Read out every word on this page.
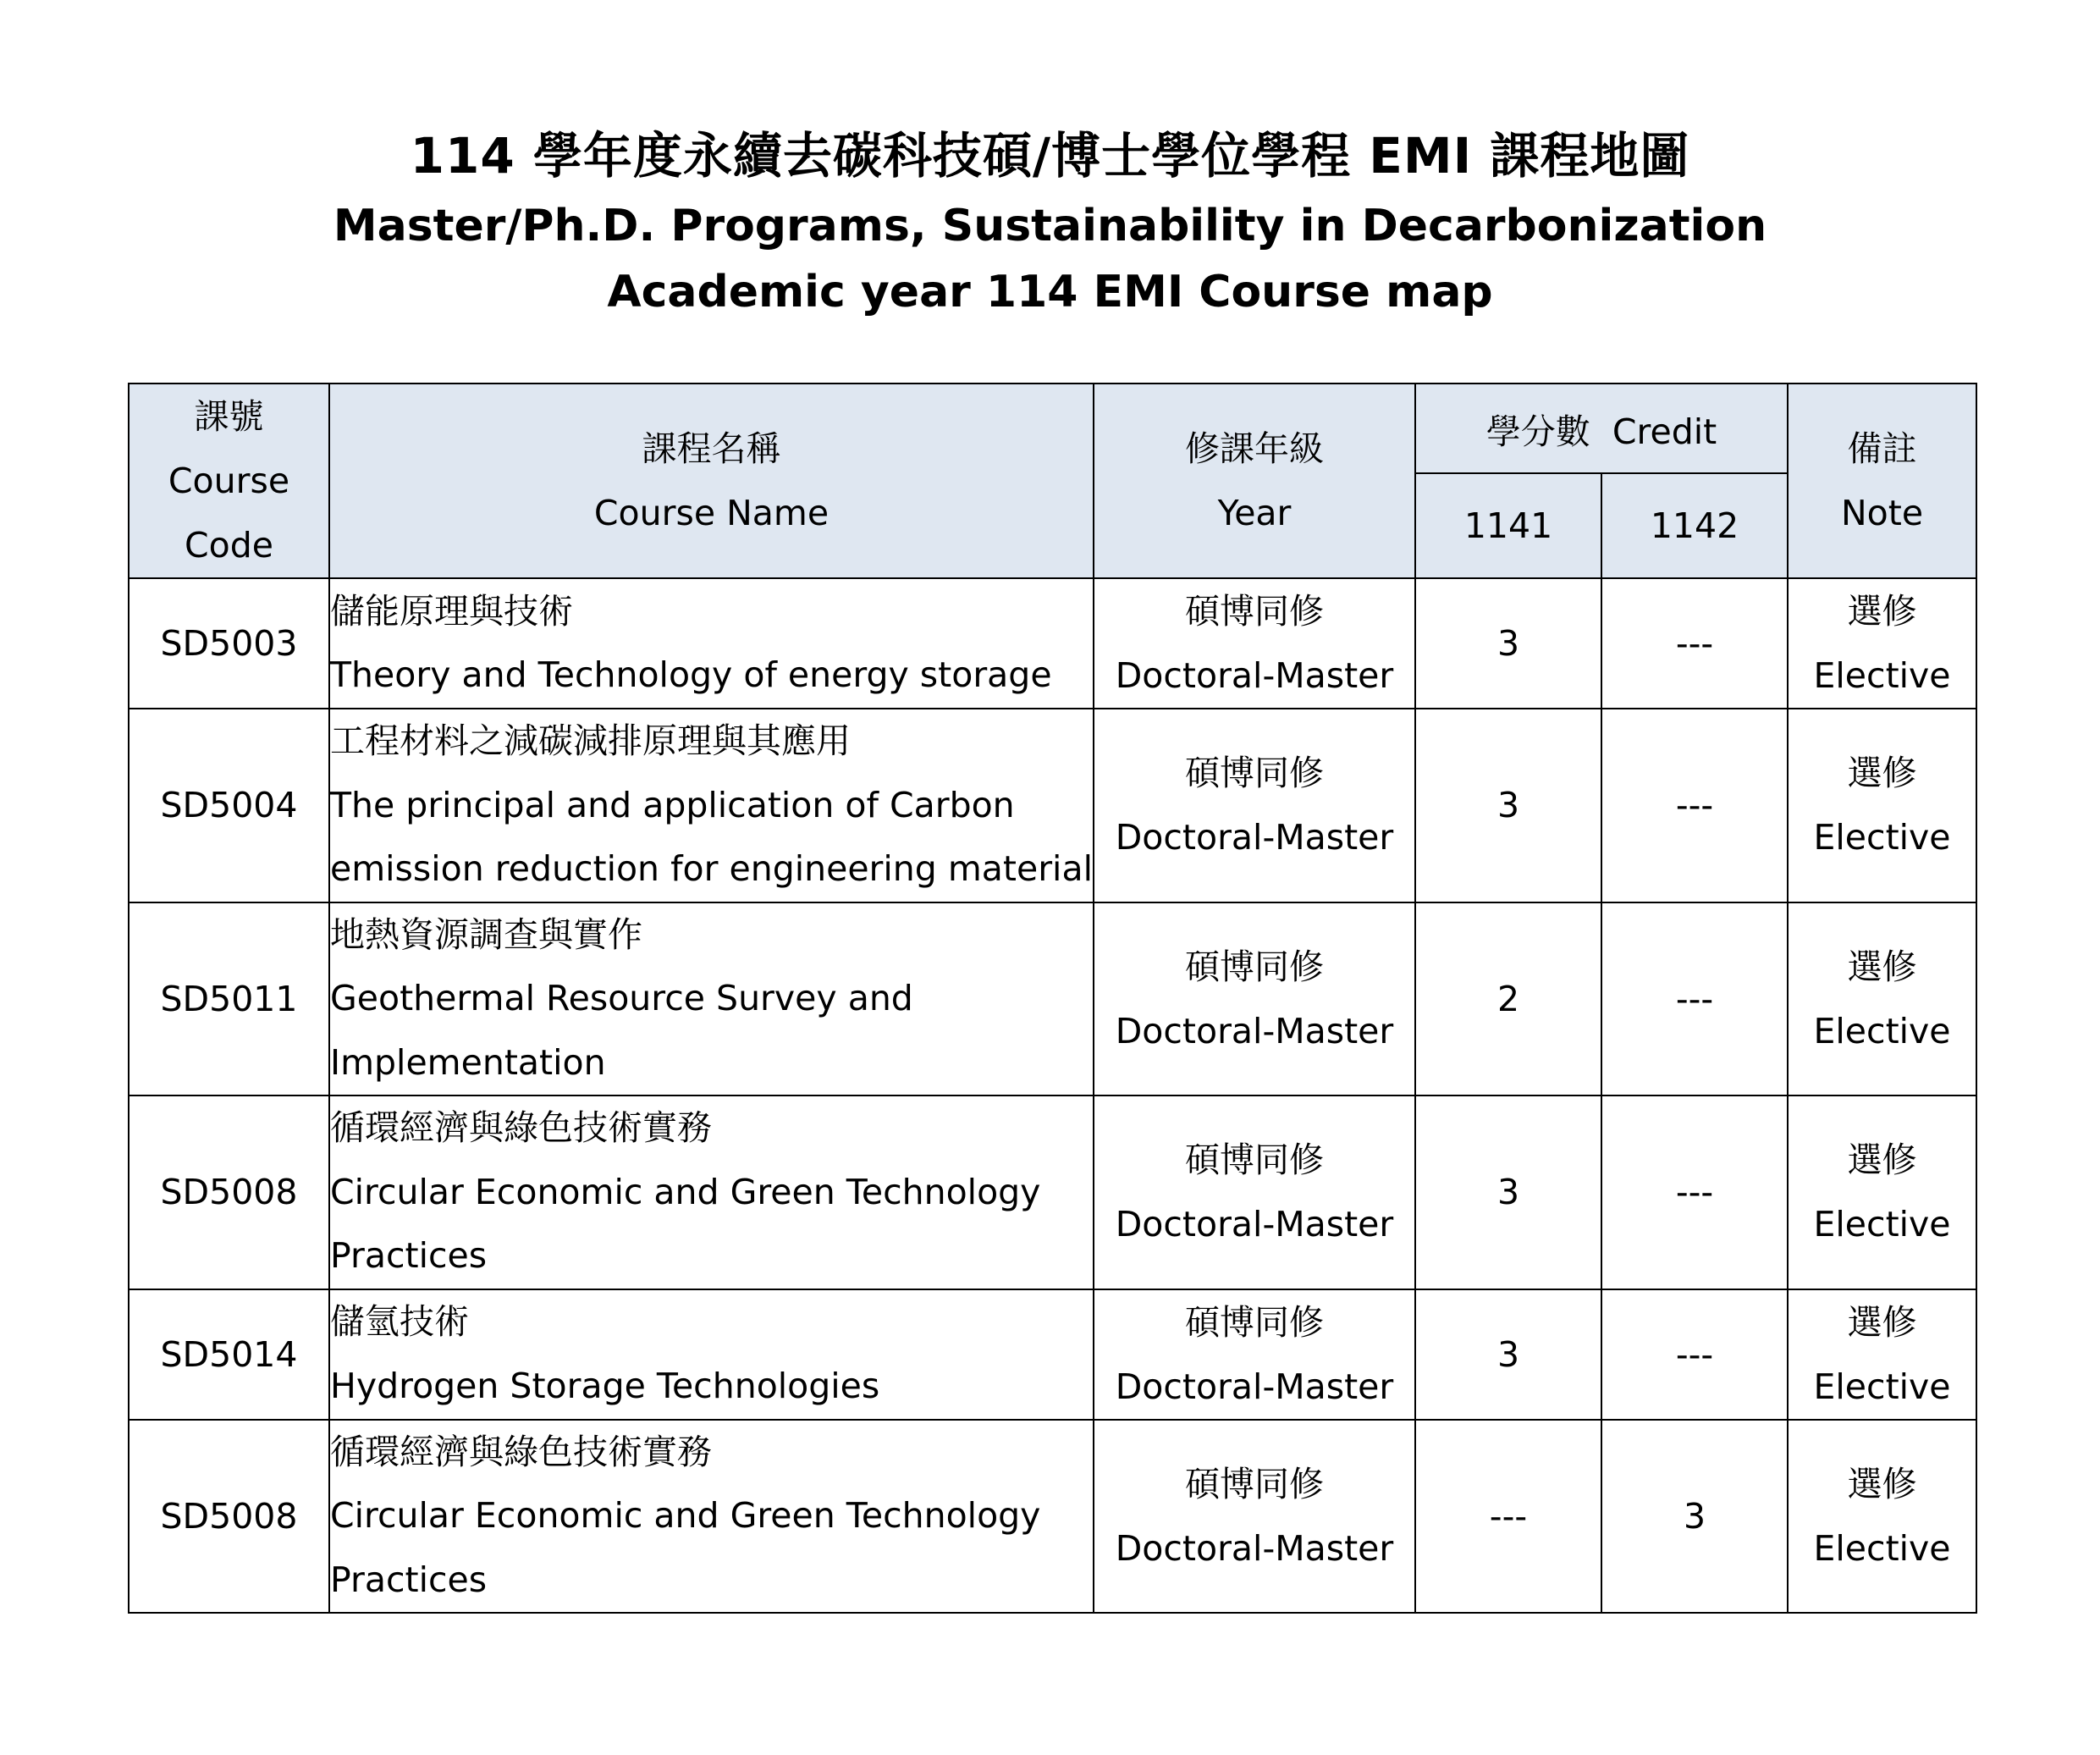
114 學年度永續去碳科技碩/博士學位學程 EMI 課程地圖
Master/Ph.D. Programs, Sustainability in Decarbonization
Academic year 114 EMI Course map
課號
Course
Code	課程名稱
Course Name	修課年級
Year	學分數 Credit		備註
Note

			1141	1142	
SD5003	儲能原理與技術
Theory and Technology of energy storage	碩博同修
Doctoral-Master	3	---	選修
Elective

SD5004	工程材料之減碳減排原理與其應用
The principal and application of Carbon
emission reduction for engineering material	碩博同修
Doctoral-Master	3	---	選修
Elective

SD5011	地熱資源調查與實作
Geothermal Resource Survey and
Implementation	碩博同修
Doctoral-Master	2	---	選修
Elective

SD5008	循環經濟與綠色技術實務
Circular Economic and Green Technology
Practices	碩博同修
Doctoral-Master	3	---	選修
Elective

SD5014	儲氫技術
Hydrogen Storage Technologies	碩博同修
Doctoral-Master	3	---	選修
Elective

SD5008	循環經濟與綠色技術實務
Circular Economic and Green Technology
Practices	碩博同修
Doctoral-Master	---	3	選修
Elective
